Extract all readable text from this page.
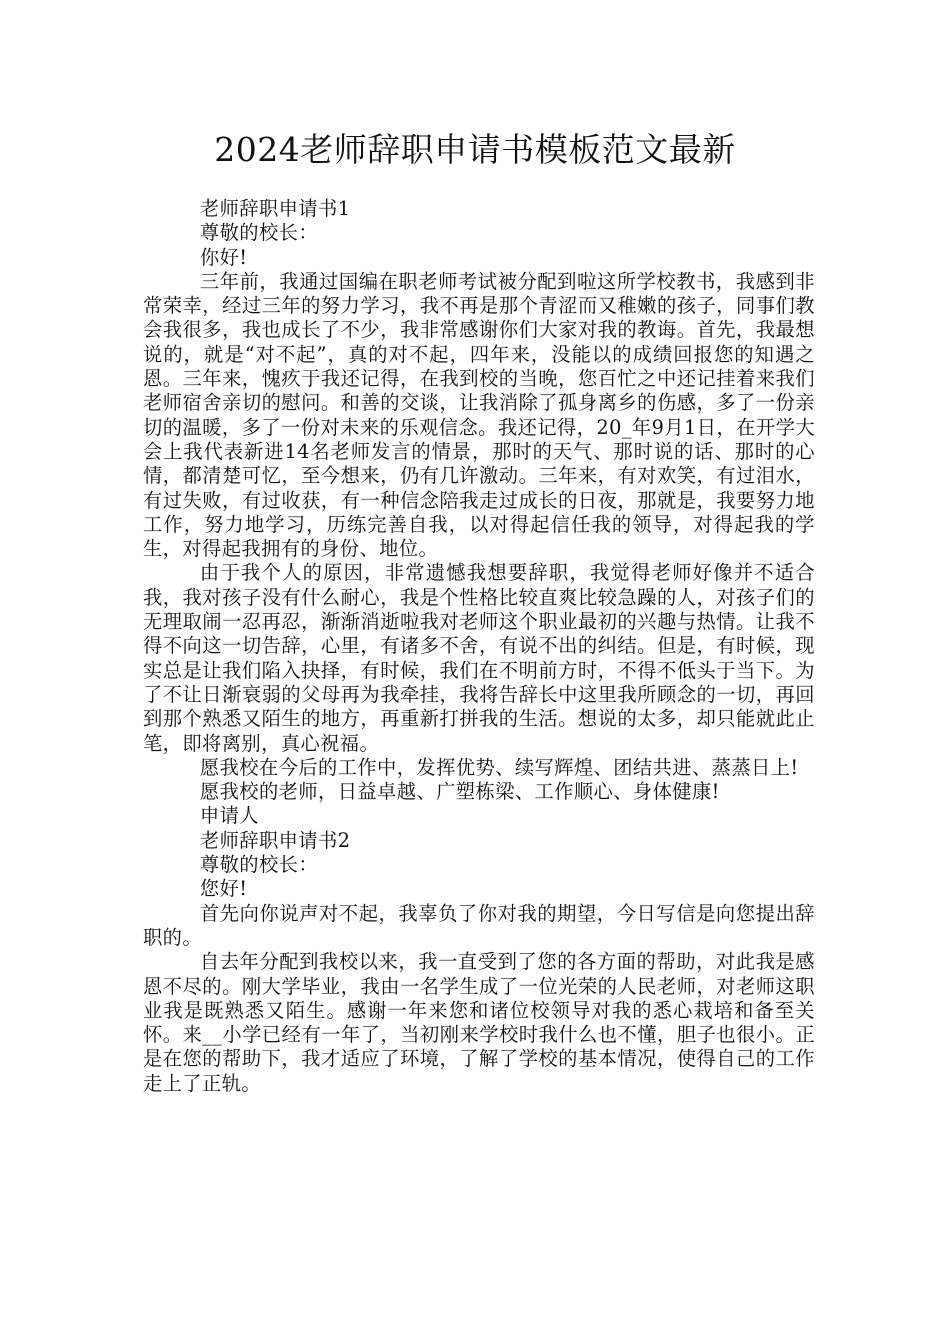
2024老师辞职申请书模板范文最新

老师辞职申请书1

尊敬的校长：

你好!

三年前，我通过国编在职老师考试被分配到啦这所学校教书，我感到非常荣幸，经过三年的努力学习，我不再是那个青涩而又稚嫩的孩子，同事们教会我很多，我也成长了不少，我非常感谢你们大家对我的教诲。首先，我最想说的，就是“对不起”，真的对不起，四年来，没能以的成绩回报您的知遇之恩。三年来，愧疚于我还记得，在我到校的当晚，您百忙之中还记挂着来我们老师宿舍亲切的慰问。和善的交谈，让我消除了孤身离乡的伤感，多了一份亲切的温暖，多了一份对未来的乐观信念。我还记得，20_年9月1日，在开学大会上我代表新进14名老师发言的情景，那时的天气、那时说的话、那时的心情，都清楚可忆，至今想来，仍有几许激动。三年来，有对欢笑，有过泪水，有过失败，有过收获，有一种信念陪我走过成长的日夜，那就是，我要努力地工作，努力地学习，历练完善自我，以对得起信任我的领导，对得起我的学生，对得起我拥有的身份、地位。

由于我个人的原因，非常遗憾我想要辞职，我觉得老师好像并不适合我，我对孩子没有什么耐心，我是个性格比较直爽比较急躁的人，对孩子们的无理取闹一忍再忍，渐渐消逝啦我对老师这个职业最初的兴趣与热情。让我不得不向这一切告辞，心里，有诸多不舍，有说不出的纠结。但是，有时候，现实总是让我们陷入抉择，有时候，我们在不明前方时，不得不低头于当下。为了不让日渐衰弱的父母再为我牵挂，我将告辞长中这里我所顾念的一切，再回到那个熟悉又陌生的地方，再重新打拼我的生活。想说的太多，却只能就此止笔，即将离别，真心祝福。

愿我校在今后的工作中，发挥优势、续写辉煌、团结共进、蒸蒸日上!

愿我校的老师，日益卓越、广塑栋梁、工作顺心、身体健康!

申请人

老师辞职申请书2

尊敬的校长：

您好!

首先向你说声对不起，我辜负了你对我的期望，今日写信是向您提出辞职的。

自去年分配到我校以来，我一直受到了您的各方面的帮助，对此我是感恩不尽的。刚大学毕业，我由一名学生成了一位光荣的人民老师，对老师这职业我是既熟悉又陌生。感谢一年来您和诸位校领导对我的悉心栽培和备至关怀。来__小学已经有一年了，当初刚来学校时我什么也不懂，胆子也很小。正是在您的帮助下，我才适应了环境，了解了学校的基本情况，使得自己的工作走上了正轨。
